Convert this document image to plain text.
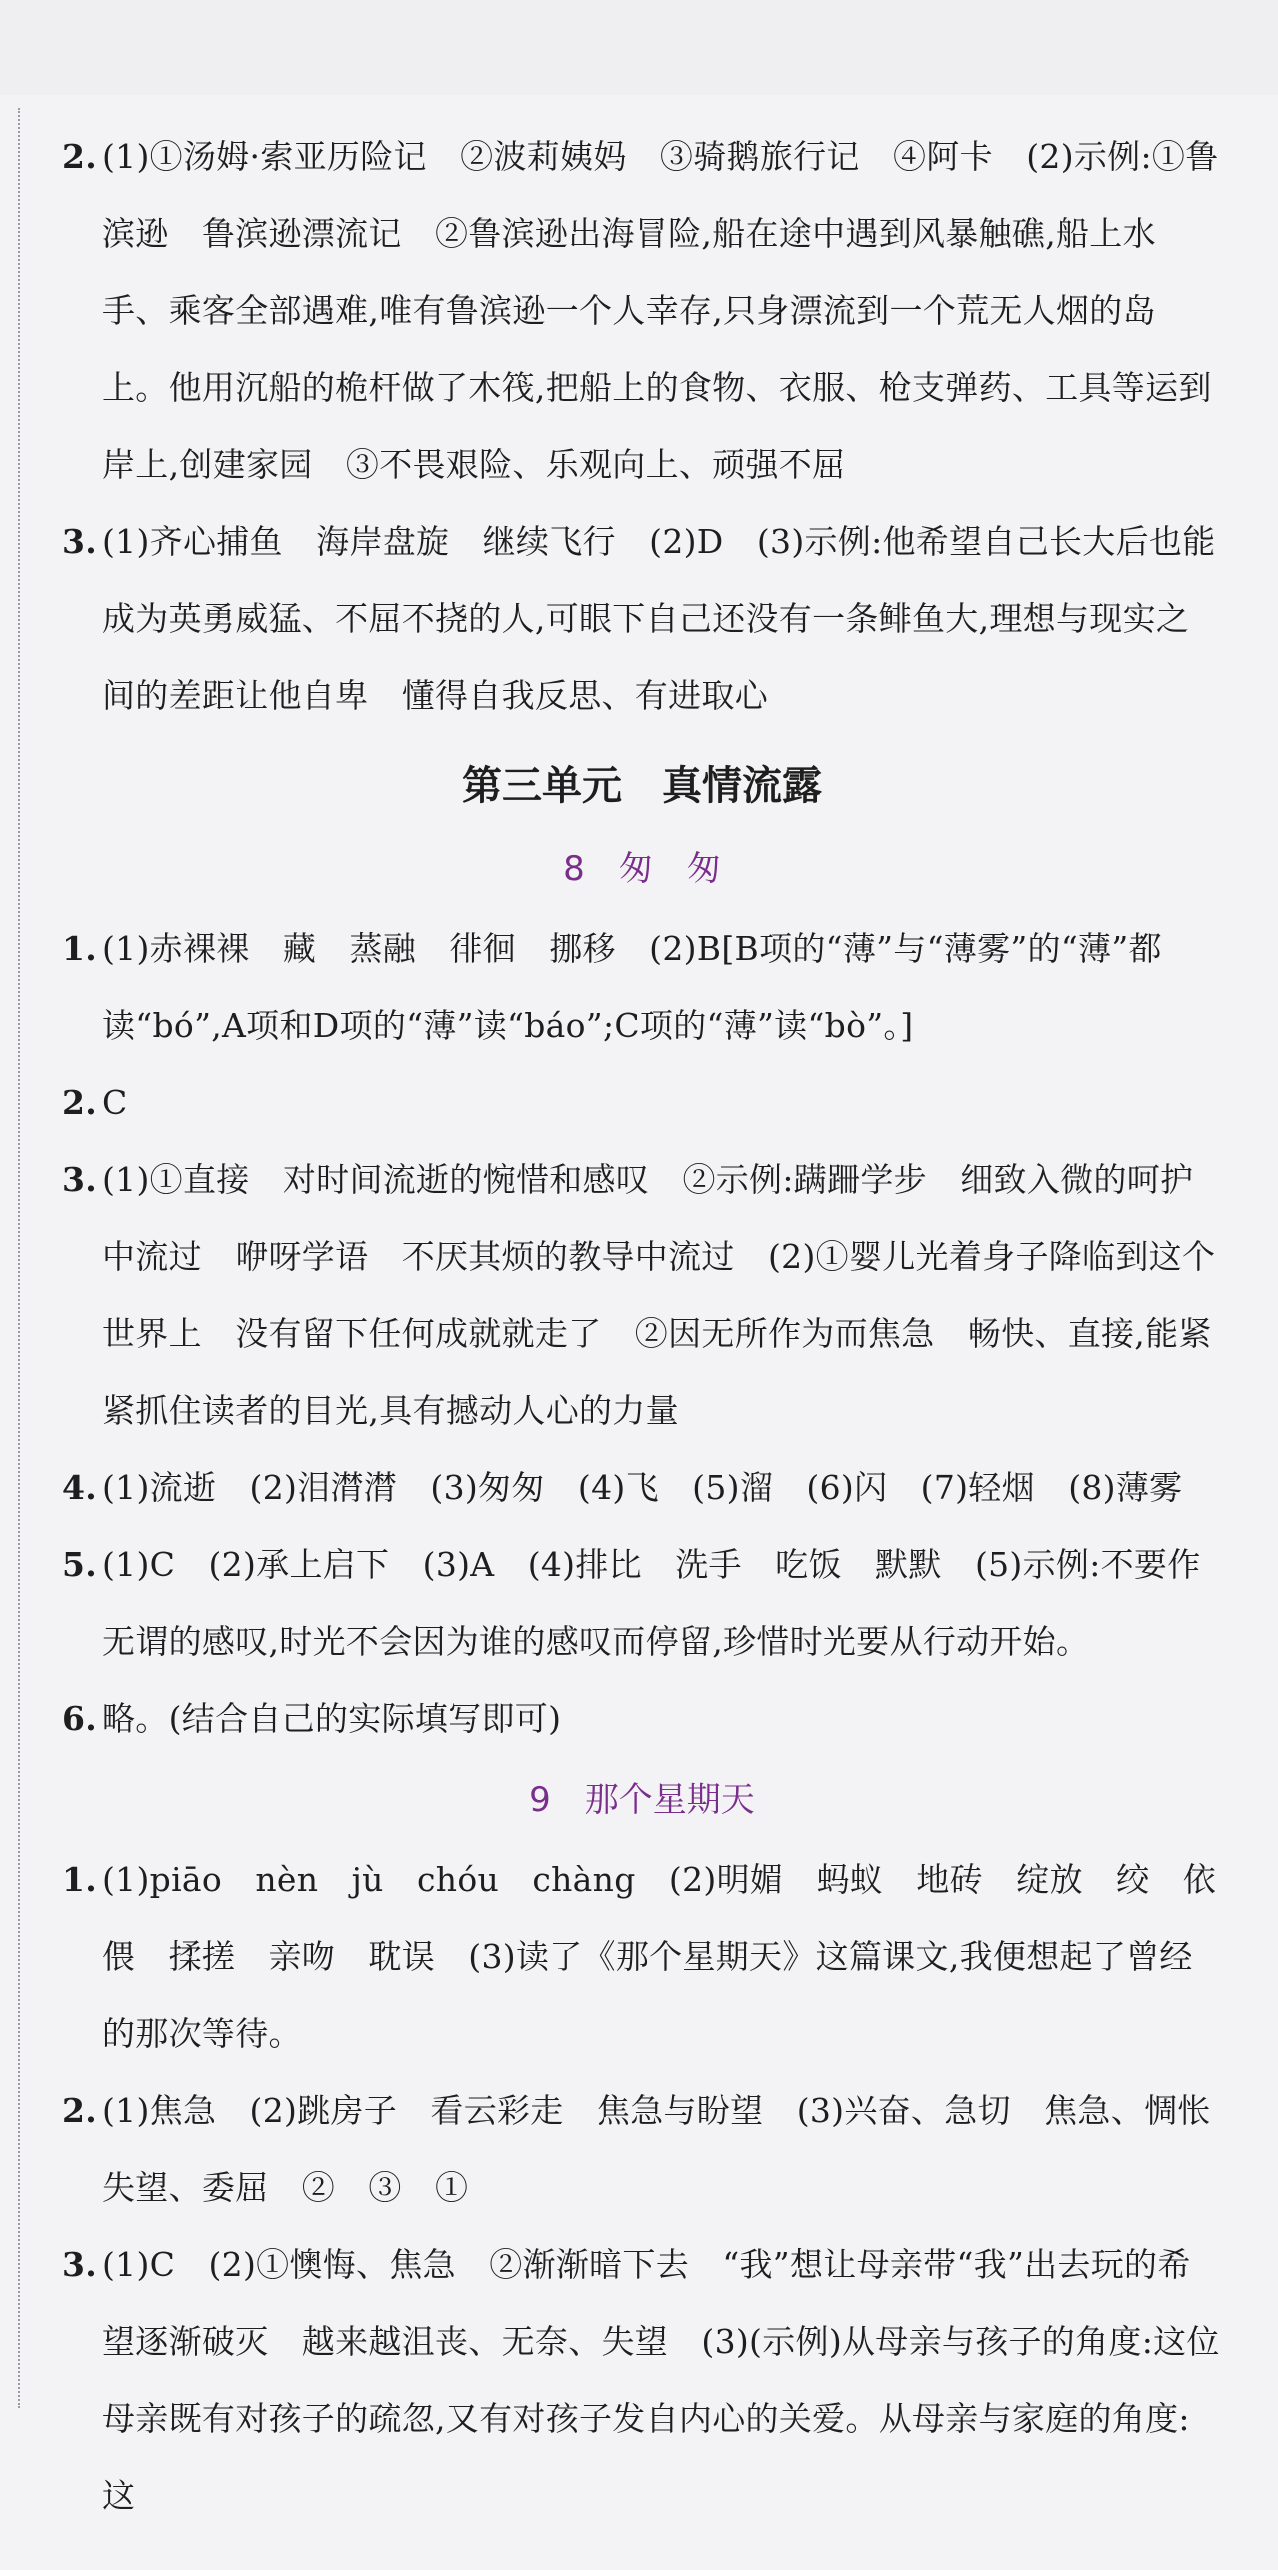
2. (1)①汤姆·索亚历险记　②波莉姨妈　③骑鹅旅行记　④阿卡　(2)示例:①鲁滨逊　鲁滨逊漂流记　②鲁滨逊出海冒险,船在途中遇到风暴触礁,船上水手、乘客全部遇难,唯有鲁滨逊一个人幸存,只身漂流到一个荒无人烟的岛上。他用沉船的桅杆做了木筏,把船上的食物、衣服、枪支弹药、工具等运到岸上,创建家园　③不畏艰险、乐观向上、顽强不屈
3. (1)齐心捕鱼　海岸盘旋　继续飞行　(2)D　(3)示例:他希望自己长大后也能成为英勇威猛、不屈不挠的人,可眼下自己还没有一条鲱鱼大,理想与现实之间的差距让他自卑　懂得自我反思、有进取心
第三单元　真情流露
8　匆　匆
1. (1)赤裸裸　藏　蒸融　徘徊　挪移　(2)B[B项的“薄”与“薄雾”的“薄”都读“bó”,A项和D项的“薄”读“báo”;C项的“薄”读“bò”。]
2. C
3. (1)①直接　对时间流逝的惋惜和感叹　②示例:蹒跚学步　细致入微的呵护中流过　咿呀学语　不厌其烦的教导中流过　(2)①婴儿光着身子降临到这个世界上　没有留下任何成就就走了　②因无所作为而焦急　畅快、直接,能紧紧抓住读者的目光,具有撼动人心的力量
4. (1)流逝　(2)泪潸潸　(3)匆匆　(4)飞　(5)溜　(6)闪　(7)轻烟　(8)薄雾
5. (1)C　(2)承上启下　(3)A　(4)排比　洗手　吃饭　默默　(5)示例:不要作无谓的感叹,时光不会因为谁的感叹而停留,珍惜时光要从行动开始。
6. 略。(结合自己的实际填写即可)
9　那个星期天
1. (1)piāo　nèn　jù　chóu　chàng　(2)明媚　蚂蚁　地砖　绽放　绞　依偎　揉搓　亲吻　耽误　(3)读了《那个星期天》这篇课文,我便想起了曾经的那次等待。
2. (1)焦急　(2)跳房子　看云彩走　焦急与盼望　(3)兴奋、急切　焦急、惆怅　失望、委屈　②　③　①
3. (1)C　(2)①懊悔、焦急　②渐渐暗下去　“我”想让母亲带“我”出去玩的希望逐渐破灭　越来越沮丧、无奈、失望　(3)(示例)从母亲与孩子的角度:这位母亲既有对孩子的疏忽,又有对孩子发自内心的关爱。从母亲与家庭的角度:这
